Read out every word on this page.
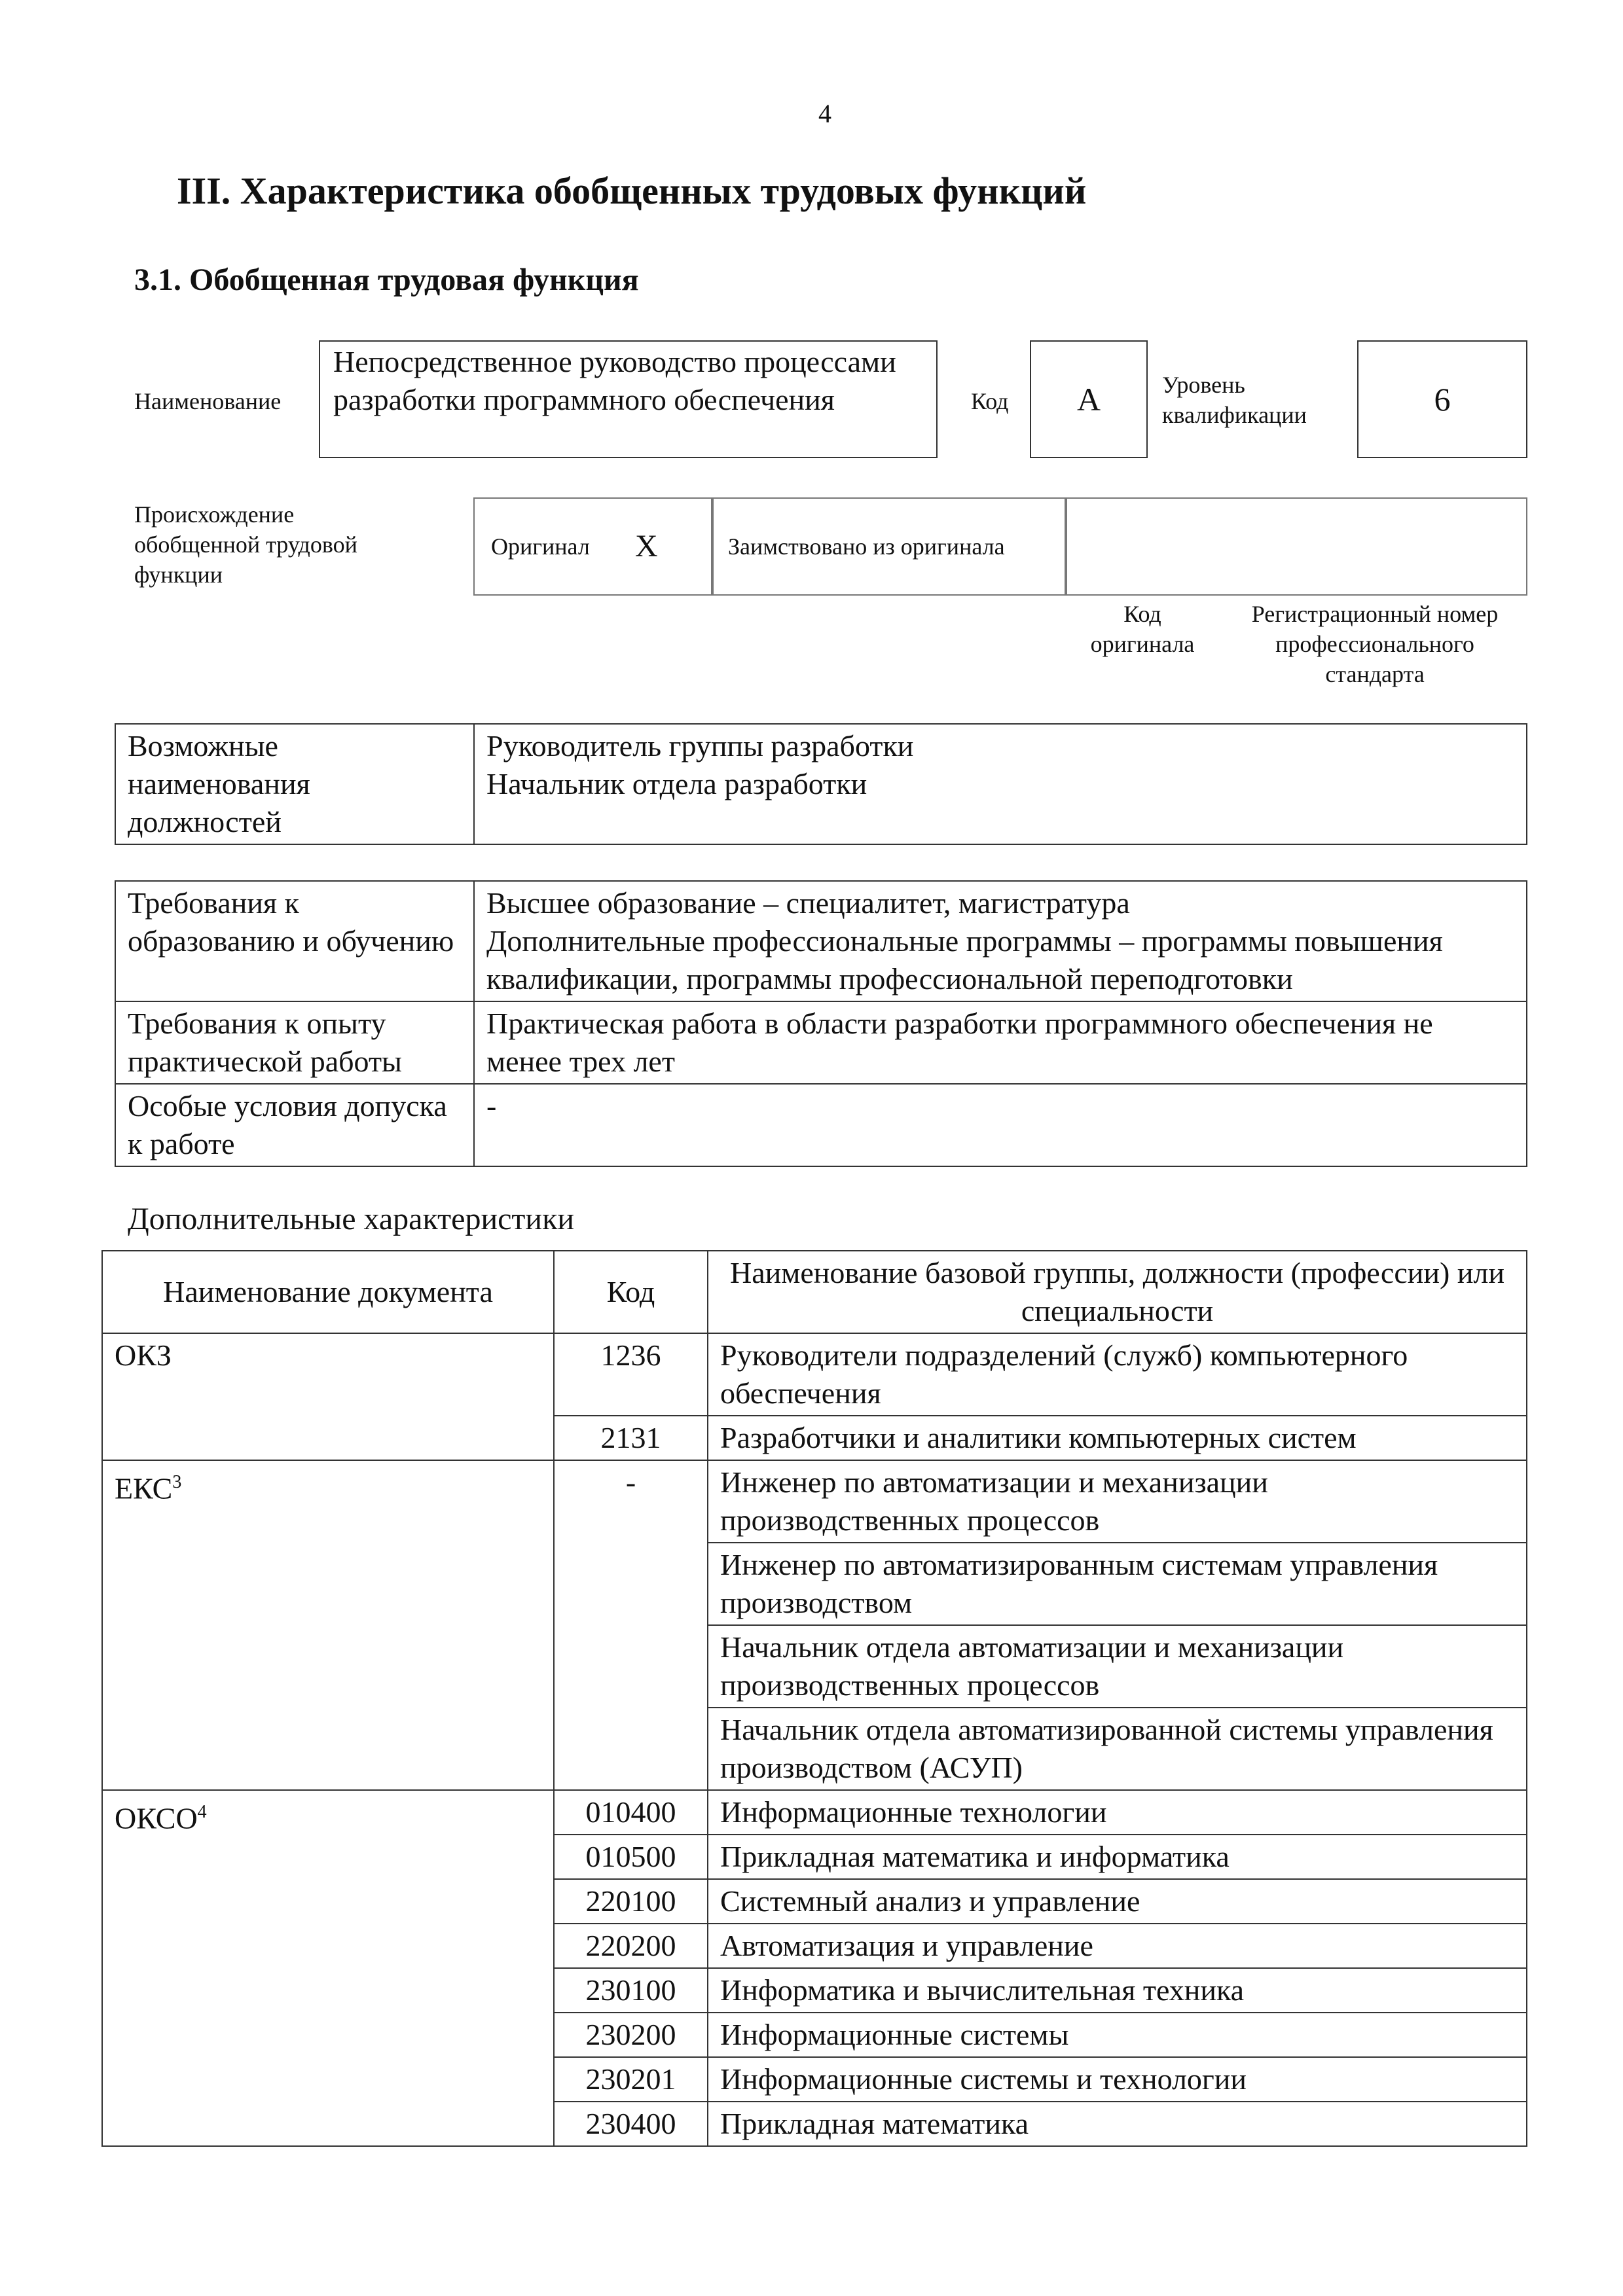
4
III. Характеристика обобщенных трудовых функций
3.1. Обобщенная трудовая функция
Наименование
Непосредственное руководство процессами разработки программного обеспечения	Код	A	Уровень квалификации	6
Происхождение обобщенной трудовой функции
Оригинал X	Заимствовано из оригинала
Код оригинала
Регистрационный номер профессионального стандарта
Возможные наименования должностей	Руководитель группы разработки
Начальник отдела разработки
Требования к образованию и обучению	Высшее образование – специалитет, магистратура
Дополнительные профессиональные программы – программы повышения квалификации, программы профессиональной переподготовки
Требования к опыту практической работы	Практическая работа в области разработки программного обеспечения не менее трех лет
Особые условия допуска к работе	-
Дополнительные характеристики
Наименование документа	Код	Наименование базовой группы, должности (профессии) или специальности
ОКЗ	1236	Руководители подразделений (служб) компьютерного обеспечения
	2131	Разработчики и аналитики компьютерных систем
ЕКС$^3$	-	Инженер по автоматизации и механизации производственных процессов
		Инженер по автоматизированным системам управления производством
		Начальник отдела автоматизации и механизации производственных процессов
		Начальник отдела автоматизированной системы управления производством (АСУП)
ОКСО$^4$	010400	Информационные технологии
	010500	Прикладная математика и информатика
	220100	Системный анализ и управление
	220200	Автоматизация и управление
	230100	Информатика и вычислительная техника
	230200	Информационные системы
	230201	Информационные системы и технологии
	230400	Прикладная математика
